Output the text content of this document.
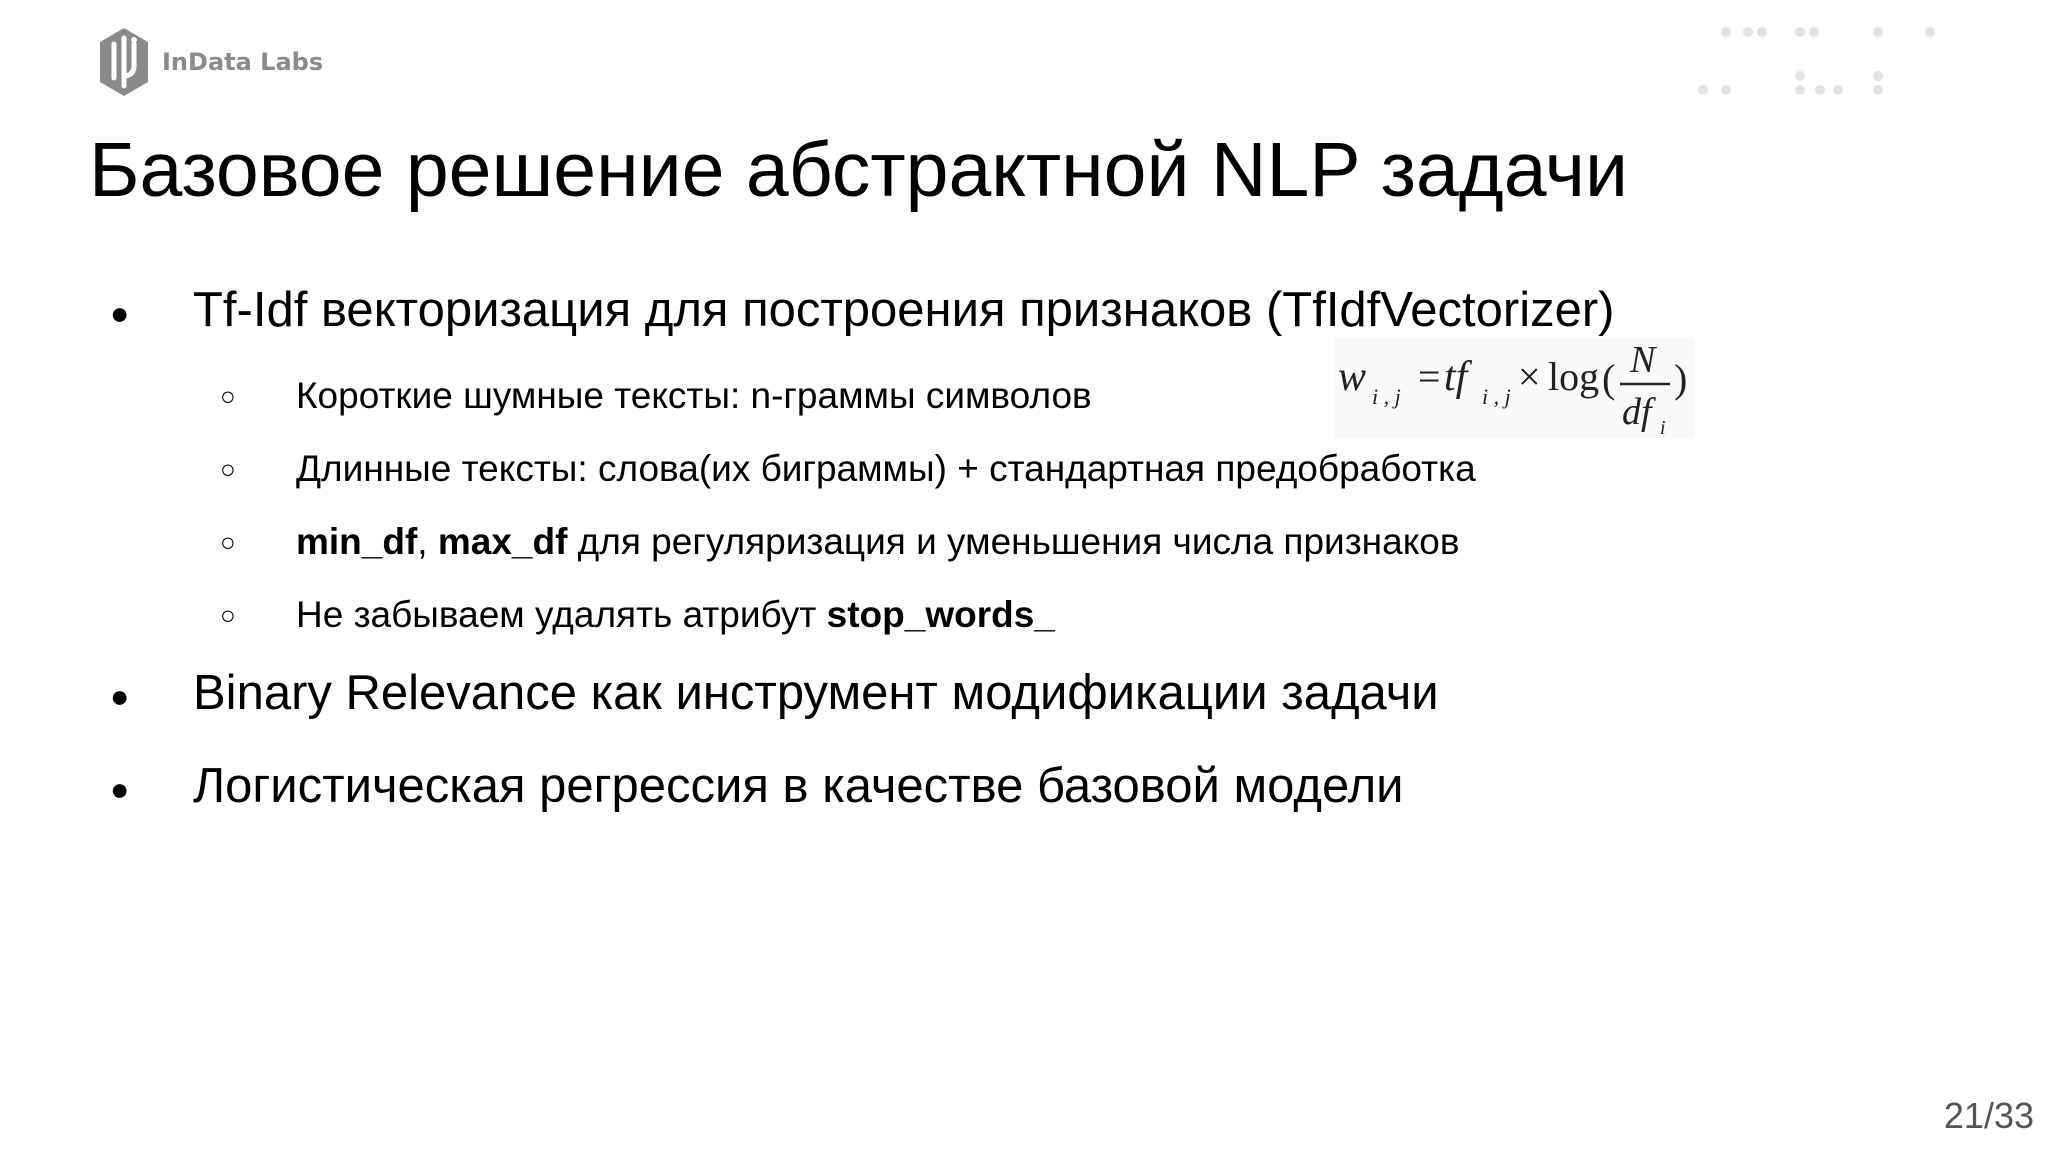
InData Labs
Базовое решение абстрактной NLP задачи
● Tf-Idf векторизация для построения признаков (TfIdfVectorizer)
○ Короткие шумные тексты: n-граммы символов
○ Длинные тексты: слова(их биграммы) + стандартная предобработка
○ min_df, max_df для регуляризация и уменьшения числа признаков
○ Не забываем удалять атрибут stop_words_
● Binary Relevance как инструмент модификации задачи
● Логистическая регрессия в качестве базовой модели
w i , j = tf i , j × log ( N
df i
)
21/33
